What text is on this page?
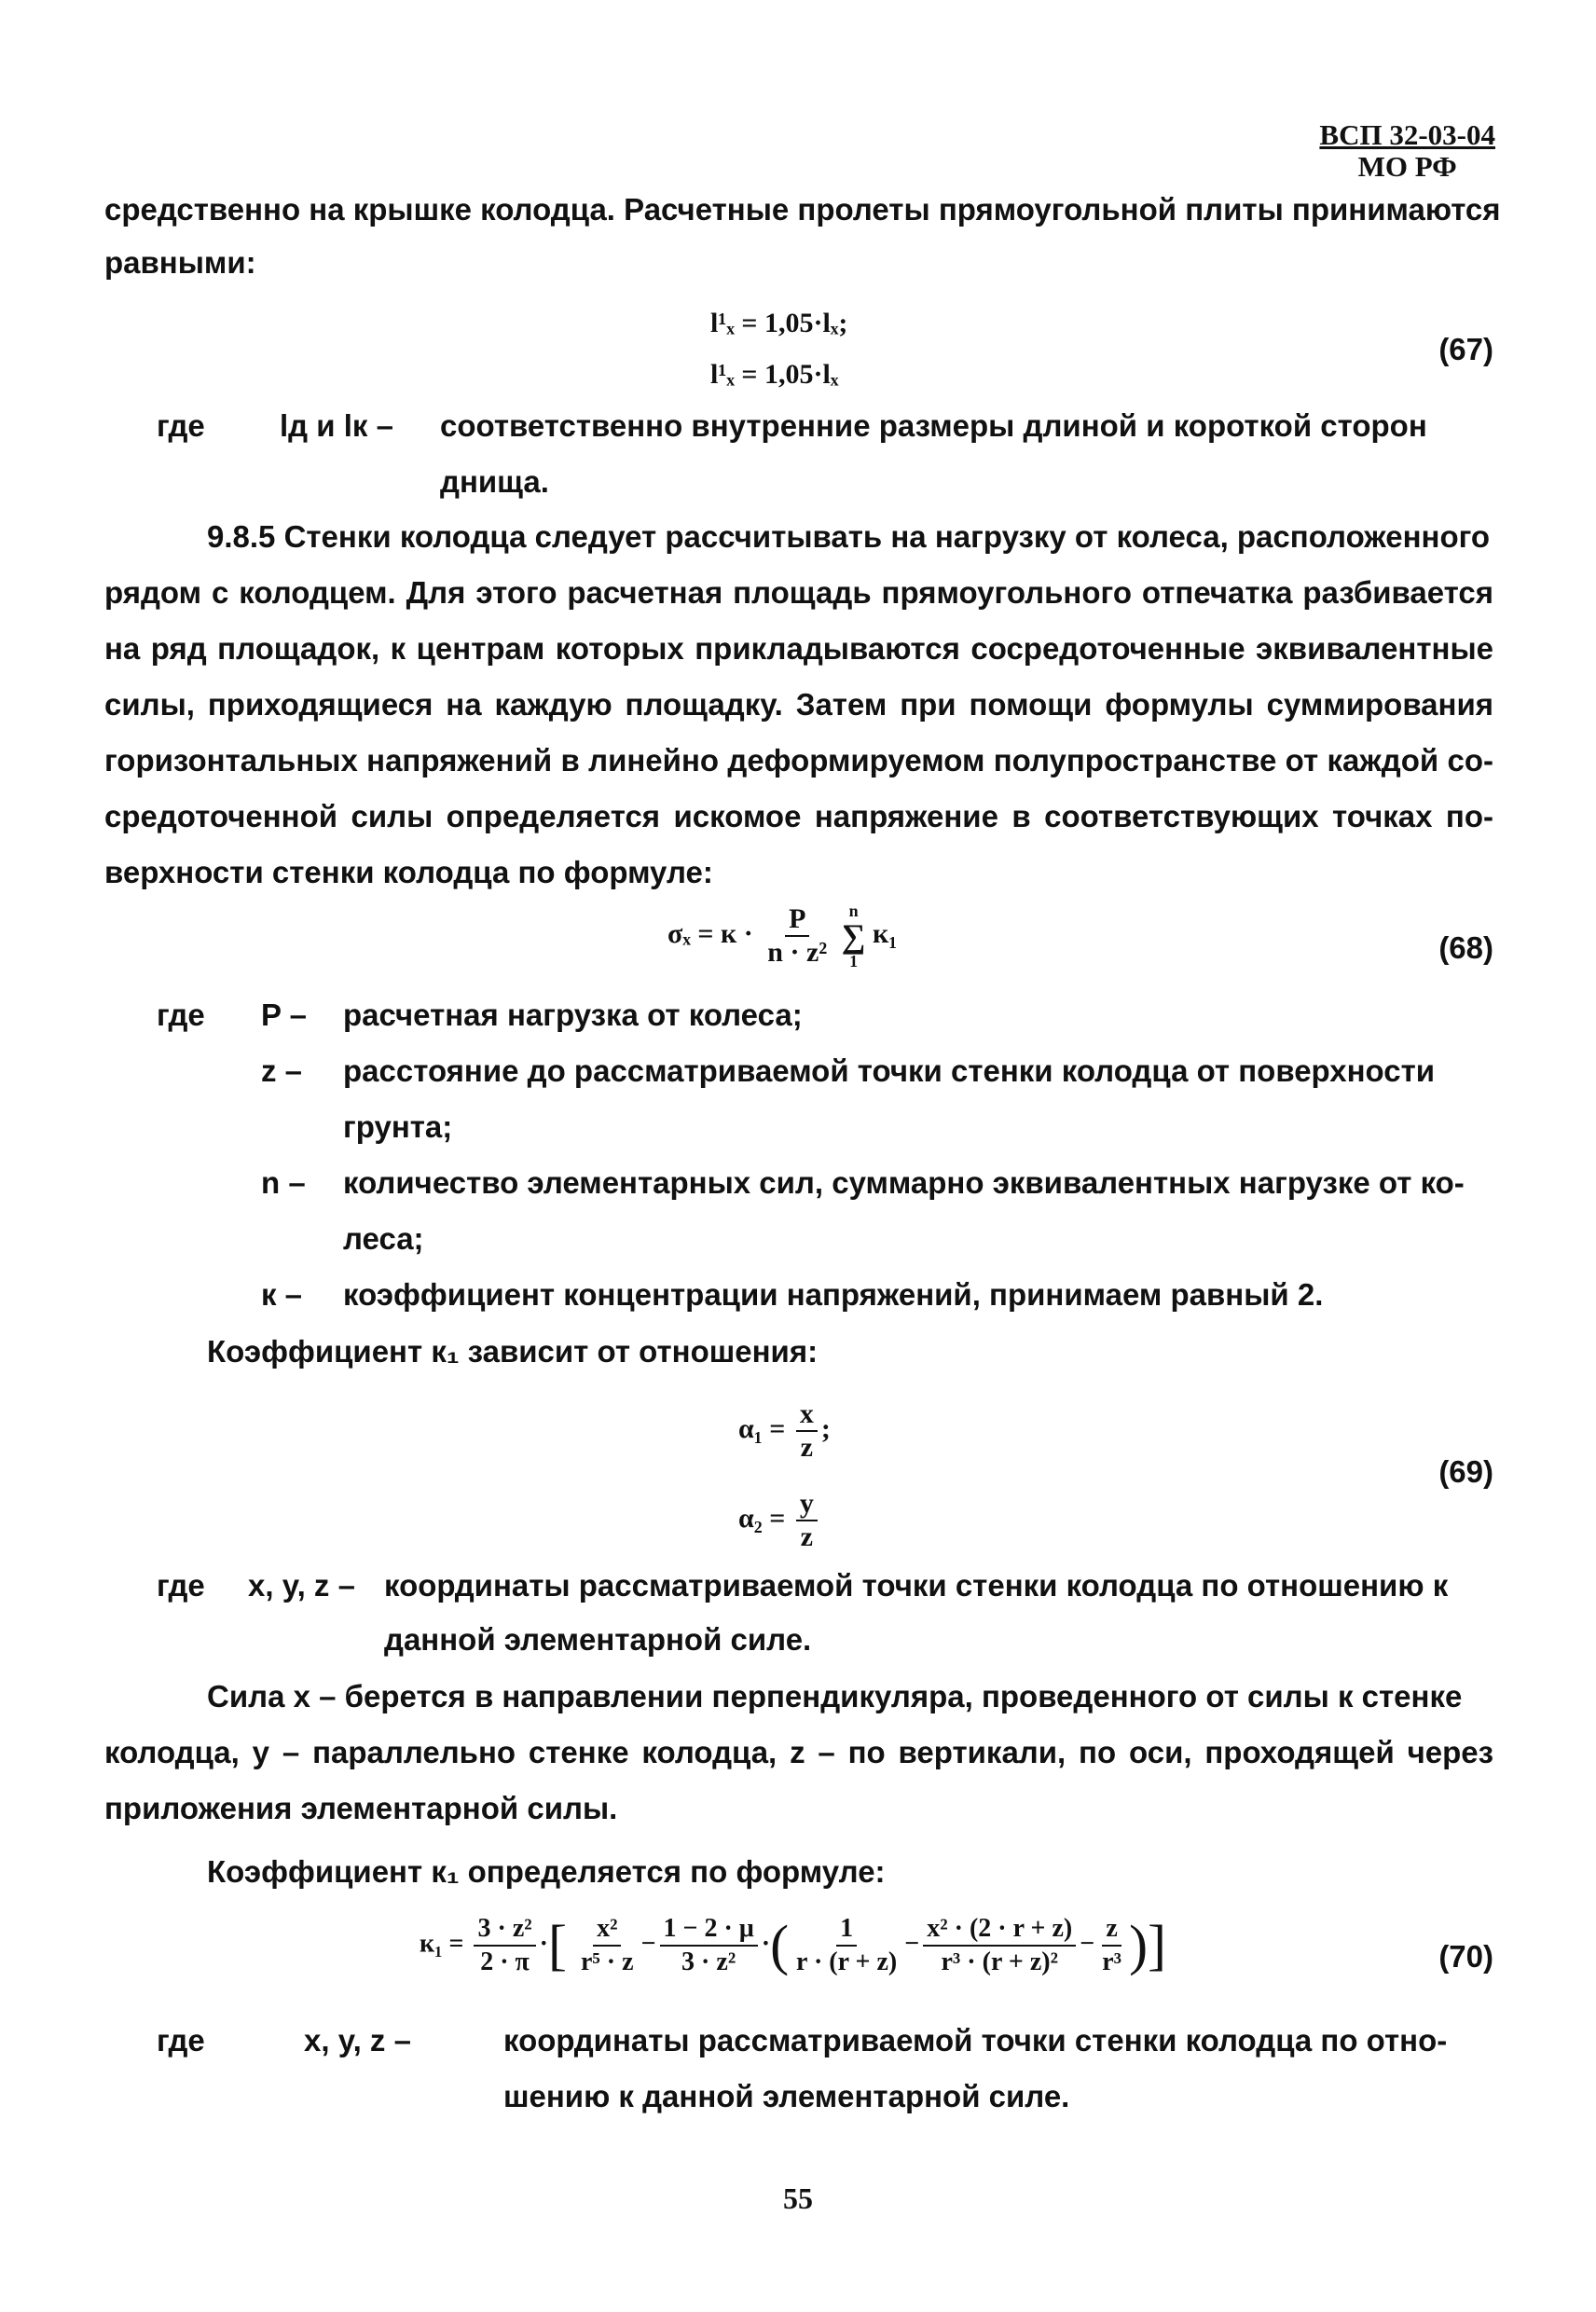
ВСП 32-03-04
МО РФ
средственно на крышке колодца. Расчетные пролеты прямоугольной плиты принимаются
равными:
l¹ₓ = 1,05·lₓ;
l¹ₓ = 1,05·lₓ
(67)
где lд и lк – соответственно внутренние размеры длиной и короткой сторон
днища.
9.8.5 Стенки колодца следует рассчитывать на нагрузку от колеса, расположенного
рядом с колодцем. Для этого расчетная площадь прямоугольного отпечатка разбивается
на ряд площадок, к центрам которых прикладываются сосредоточенные эквивалентные
силы, приходящиеся на каждую площадку. Затем при помощи формулы суммирования
горизонтальных напряжений в линейно деформируемом полупространстве от каждой со-
средоточенной силы определяется искомое напряжение в соответствующих точках по-
верхности стенки колодца по формуле:
$\sigma_x = к \cdot \frac{P}{\text{n · z²}}$
n
∑
1
к₁	(68)
где P – расчетная нагрузка от колеса;
z – расстояние до рассматриваемой точки стенки колодца от поверхности
грунта;
n – количество элементарных сил, суммарно эквивалентных нагрузке от ко-
леса;
к – коэффициент концентрации напряжений, принимаем равный 2.
Коэффициент к₁ зависит от отношения:
$\alpha_1 = \frac{x}{z}$ ;
$\alpha_2 = \frac{y}{z}$
(69)
где x, y, z – координаты рассматриваемой точки стенки колодца по отношению к
данной элементарной силе.
Сила x – берется в направлении перпендикуляра, проведенного от силы к стенке
колодца, y – параллельно стенке колодца, z – по вертикали, по оси, проходящей через
приложения элементарной силы.
Коэффициент к₁ определяется по формуле:
$к_1 = \frac{\text{3 · z²}}{2 \cdot \pi}$ ·[ $\frac{\text{x²}}{\text{r⁵ · z}} - \frac{1 - 2 \cdot \mu}{\text{3 · z²}}$ ·( $\frac{1}{r \cdot (r + z)} - \frac{\text{x² · (2 · r + z)}}{\text{r³ · (r + z)²}} - \frac{z}{\text{r³}}$ )]	(70)
где	x, y, z –	координаты рассматриваемой точки стенки колодца по отно-
шению к данной элементарной силе.
55
